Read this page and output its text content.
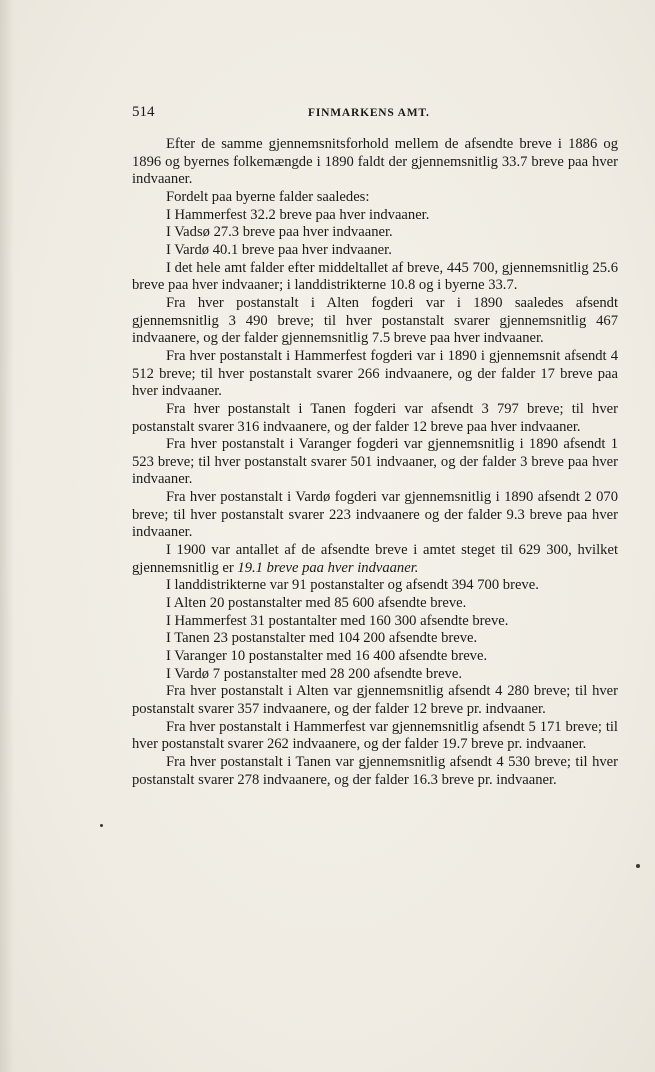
514	FINMARKENS AMT.

Efter de samme gjennemsnitsforhold mellem de afsendte breve i 1886 og 1896 og byernes folkemængde i 1890 faldt der gjennemsnitlig 33.7 breve paa hver indvaaner.

Fordelt paa byerne falder saaledes:

I Hammerfest 32.2 breve paa hver indvaaner.

I Vadsø 27.3 breve paa hver indvaaner.

I Vardø 40.1 breve paa hver indvaaner.

I det hele amt falder efter middeltallet af breve, 445 700, gjennemsnitlig 25.6 breve paa hver indvaaner; i landdistrikterne 10.8 og i byerne 33.7.

Fra hver postanstalt i Alten fogderi var i 1890 saaledes afsendt gjennemsnitlig 3 490 breve; til hver postanstalt svarer gjennemsnitlig 467 indvaanere, og der falder gjennemsnitlig 7.5 breve paa hver indvaaner.

Fra hver postanstalt i Hammerfest fogderi var i 1890 i gjennemsnit afsendt 4 512 breve; til hver postanstalt svarer 266 indvaanere, og der falder 17 breve paa hver indvaaner.

Fra hver postanstalt i Tanen fogderi var afsendt 3 797 breve; til hver postanstalt svarer 316 indvaanere, og der falder 12 breve paa hver indvaaner.

Fra hver postanstalt i Varanger fogderi var gjennemsnitlig i 1890 afsendt 1 523 breve; til hver postanstalt svarer 501 indvaaner, og der falder 3 breve paa hver indvaaner.

Fra hver postanstalt i Vardø fogderi var gjennemsnitlig i 1890 afsendt 2 070 breve; til hver postanstalt svarer 223 indvaanere og der falder 9.3 breve paa hver indvaaner.

I 1900 var antallet af de afsendte breve i amtet steget til 629 300, hvilket gjennemsnitlig er 19.1 breve paa hver indvaaner.

I landdistrikterne var 91 postanstalter og afsendt 394 700 breve.

I Alten 20 postanstalter med 85 600 afsendte breve.

I Hammerfest 31 postantalter med 160 300 afsendte breve.

I Tanen 23 postanstalter med 104 200 afsendte breve.

I Varanger 10 postanstalter med 16 400 afsendte breve.

I Vardø 7 postanstalter med 28 200 afsendte breve.

Fra hver postanstalt i Alten var gjennemsnitlig afsendt 4 280 breve; til hver postanstalt svarer 357 indvaanere, og der falder 12 breve pr. indvaaner.

Fra hver postanstalt i Hammerfest var gjennemsnitlig afsendt 5 171 breve; til hver postanstalt svarer 262 indvaanere, og der falder 19.7 breve pr. indvaaner.

Fra hver postanstalt i Tanen var gjennemsnitlig afsendt 4 530 breve; til hver postanstalt svarer 278 indvaanere, og der falder 16.3 breve pr. indvaaner.
